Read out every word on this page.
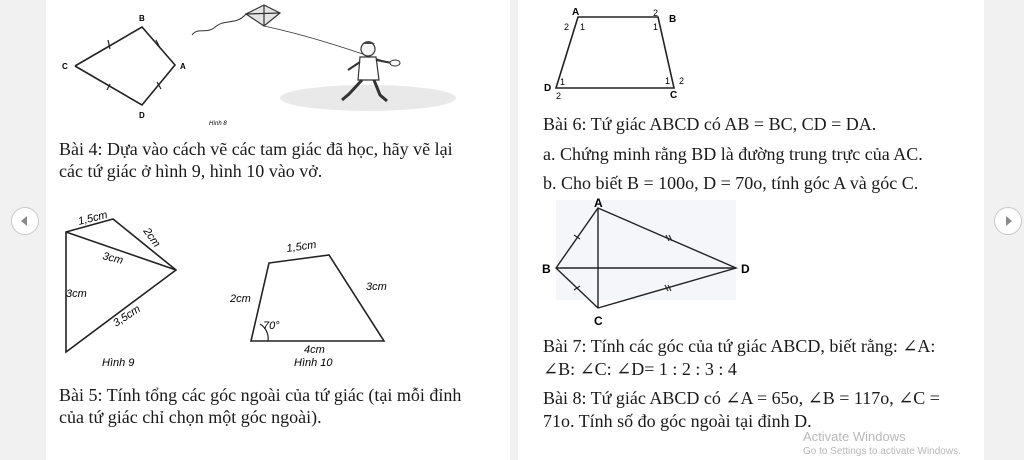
B
C	A
D
Hình 8

Bài 4: Dựa vào cách vẽ các tam giác đã học, hãy vẽ lại

các tứ giác ở hình 9, hình 10 vào vở.

1,5cm
2cm
3cm
3cm
3,5cm
Hình 9
1,5cm
3cm
2cm
70°
4cm
Hình 10

Bài 5: Tính tổng các góc ngoài của tứ giác (tại mỗi đỉnh

của tứ giác chỉ chọn một góc ngoài).

A
B
C
D
2 1
2
1
1
2
1 2

Bài 6: Tứ giác ABCD có AB = BC, CD = DA.

a. Chứng minh rằng BD là đường trung trực của AC.

b. Cho biết B = 100o, D = 70o, tính góc A và góc C.

A
B
C
D

Bài 7: Tính các góc của tứ giác ABCD, biết rằng: ∠A:

∠B: ∠C: ∠D= 1 : 2 : 3 : 4

Bài 8: Tứ giác ABCD có ∠A = 65o, ∠B = 117o, ∠C =

71o. Tính số đo góc ngoài tại đỉnh D.

Activate Windows
Go to Settings to activate Windows.
